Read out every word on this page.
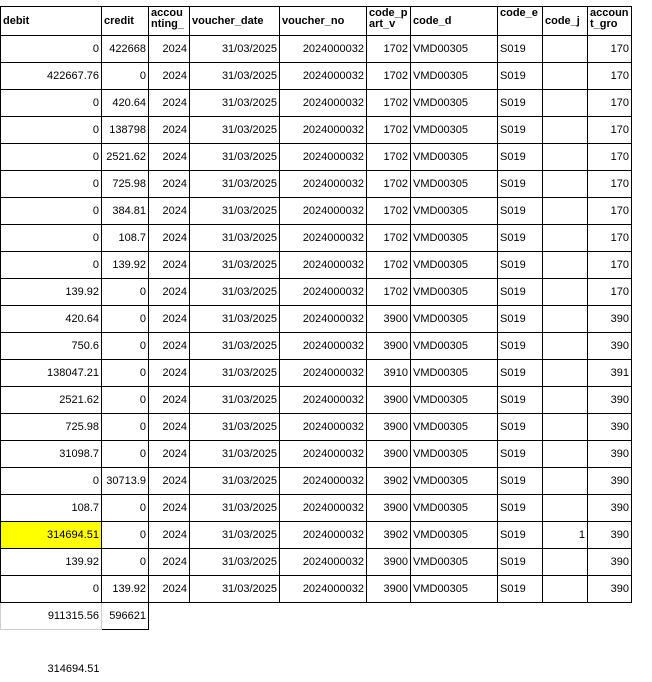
debit	credit	accounting_	voucher_date	voucher_no	code_part_v	code_d	code_e	code_j	account_gro
0	422668	2024	31/03/2025	2024000032	1702	VMD00305	S019		170
422667.76	0	2024	31/03/2025	2024000032	1702	VMD00305	S019		170
0	420.64	2024	31/03/2025	2024000032	1702	VMD00305	S019		170
0	138798	2024	31/03/2025	2024000032	1702	VMD00305	S019		170
0	2521.62	2024	31/03/2025	2024000032	1702	VMD00305	S019		170
0	725.98	2024	31/03/2025	2024000032	1702	VMD00305	S019		170
0	384.81	2024	31/03/2025	2024000032	1702	VMD00305	S019		170
0	108.7	2024	31/03/2025	2024000032	1702	VMD00305	S019		170
0	139.92	2024	31/03/2025	2024000032	1702	VMD00305	S019		170
139.92	0	2024	31/03/2025	2024000032	1702	VMD00305	S019		170
420.64	0	2024	31/03/2025	2024000032	3900	VMD00305	S019		390
750.6	0	2024	31/03/2025	2024000032	3900	VMD00305	S019		390
138047.21	0	2024	31/03/2025	2024000032	3910	VMD00305	S019		391
2521.62	0	2024	31/03/2025	2024000032	3900	VMD00305	S019		390
725.98	0	2024	31/03/2025	2024000032	3900	VMD00305	S019		390
31098.7	0	2024	31/03/2025	2024000032	3900	VMD00305	S019		390
0	30713.9	2024	31/03/2025	2024000032	3902	VMD00305	S019		390
108.7	0	2024	31/03/2025	2024000032	3900	VMD00305	S019		390
314694.51	0	2024	31/03/2025	2024000032	3902	VMD00305	S019	1	390
139.92	0	2024	31/03/2025	2024000032	3900	VMD00305	S019		390
0	139.92	2024	31/03/2025	2024000032	3900	VMD00305	S019		390
911315.56	596621								

314694.51									
